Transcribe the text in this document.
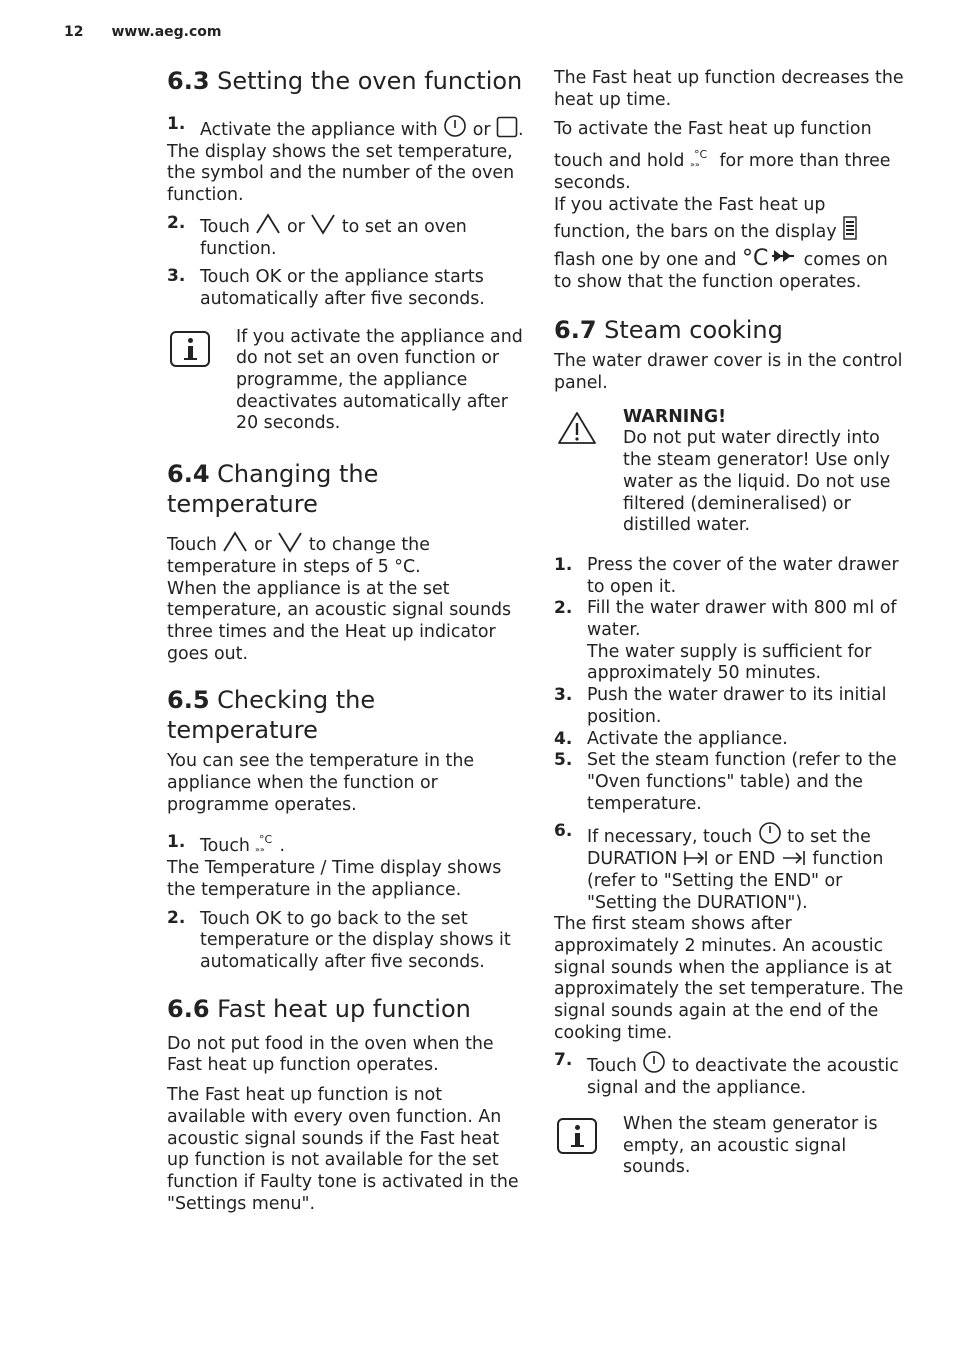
12 www.aeg.com
6.3 Setting the oven function
1. Activate the appliance with or .

The display shows the set temperature, the symbol and the number of the oven function.

2. Touch or to set an oven function.

3. Touch OK or the appliance starts automatically after five seconds.

If you activate the appliance and do not set an oven function or programme, the appliance deactivates automatically after 20 seconds.

6.4 Changing the temperature

Touch or to change the temperature in steps of 5 °C.

When the appliance is at the set temperature, an acoustic signal sounds three times and the Heat up indicator goes out.

6.5 Checking the temperature

You can see the temperature in the appliance when the function or programme operates.

1. Touch °C
»» .

The Temperature / Time display shows the temperature in the appliance.

2. Touch OK to go back to the set temperature or the display shows it automatically after five seconds.

6.6 Fast heat up function

Do not put food in the oven when the Fast heat up function operates.

The Fast heat up function is not available with every oven function. An acoustic signal sounds if the Fast heat up function is not available for the set function if Faulty tone is activated in the "Settings menu".

The Fast heat up function decreases the heat up time.

To activate the Fast heat up function

touch and hold °C
»» for more than three seconds.

If you activate the Fast heat up function, the bars on the display  flash one by one and °C comes on to show that the function operates.

6.7 Steam cooking

The water drawer cover is in the control panel.

WARNING!

Do not put water directly into the steam generator! Use only water as the liquid. Do not use filtered (demineralised) or distilled water.

1. Press the cover of the water drawer to open it.

2. Fill the water drawer with 800 ml of water.

The water supply is sufficient for approximately 50 minutes.

3. Push the water drawer to its initial position.

4. Activate the appliance.

5. Set the steam function (refer to the "Oven functions" table) and the temperature.

6. If necessary, touch to set the DURATION or END function (refer to "Setting the END" or "Setting the DURATION").

The first steam shows after approximately 2 minutes. An acoustic signal sounds when the appliance is at approximately the set temperature. The signal sounds again at the end of the cooking time.

7. Touch to deactivate the acoustic signal and the appliance.

When the steam generator is empty, an acoustic signal sounds.
